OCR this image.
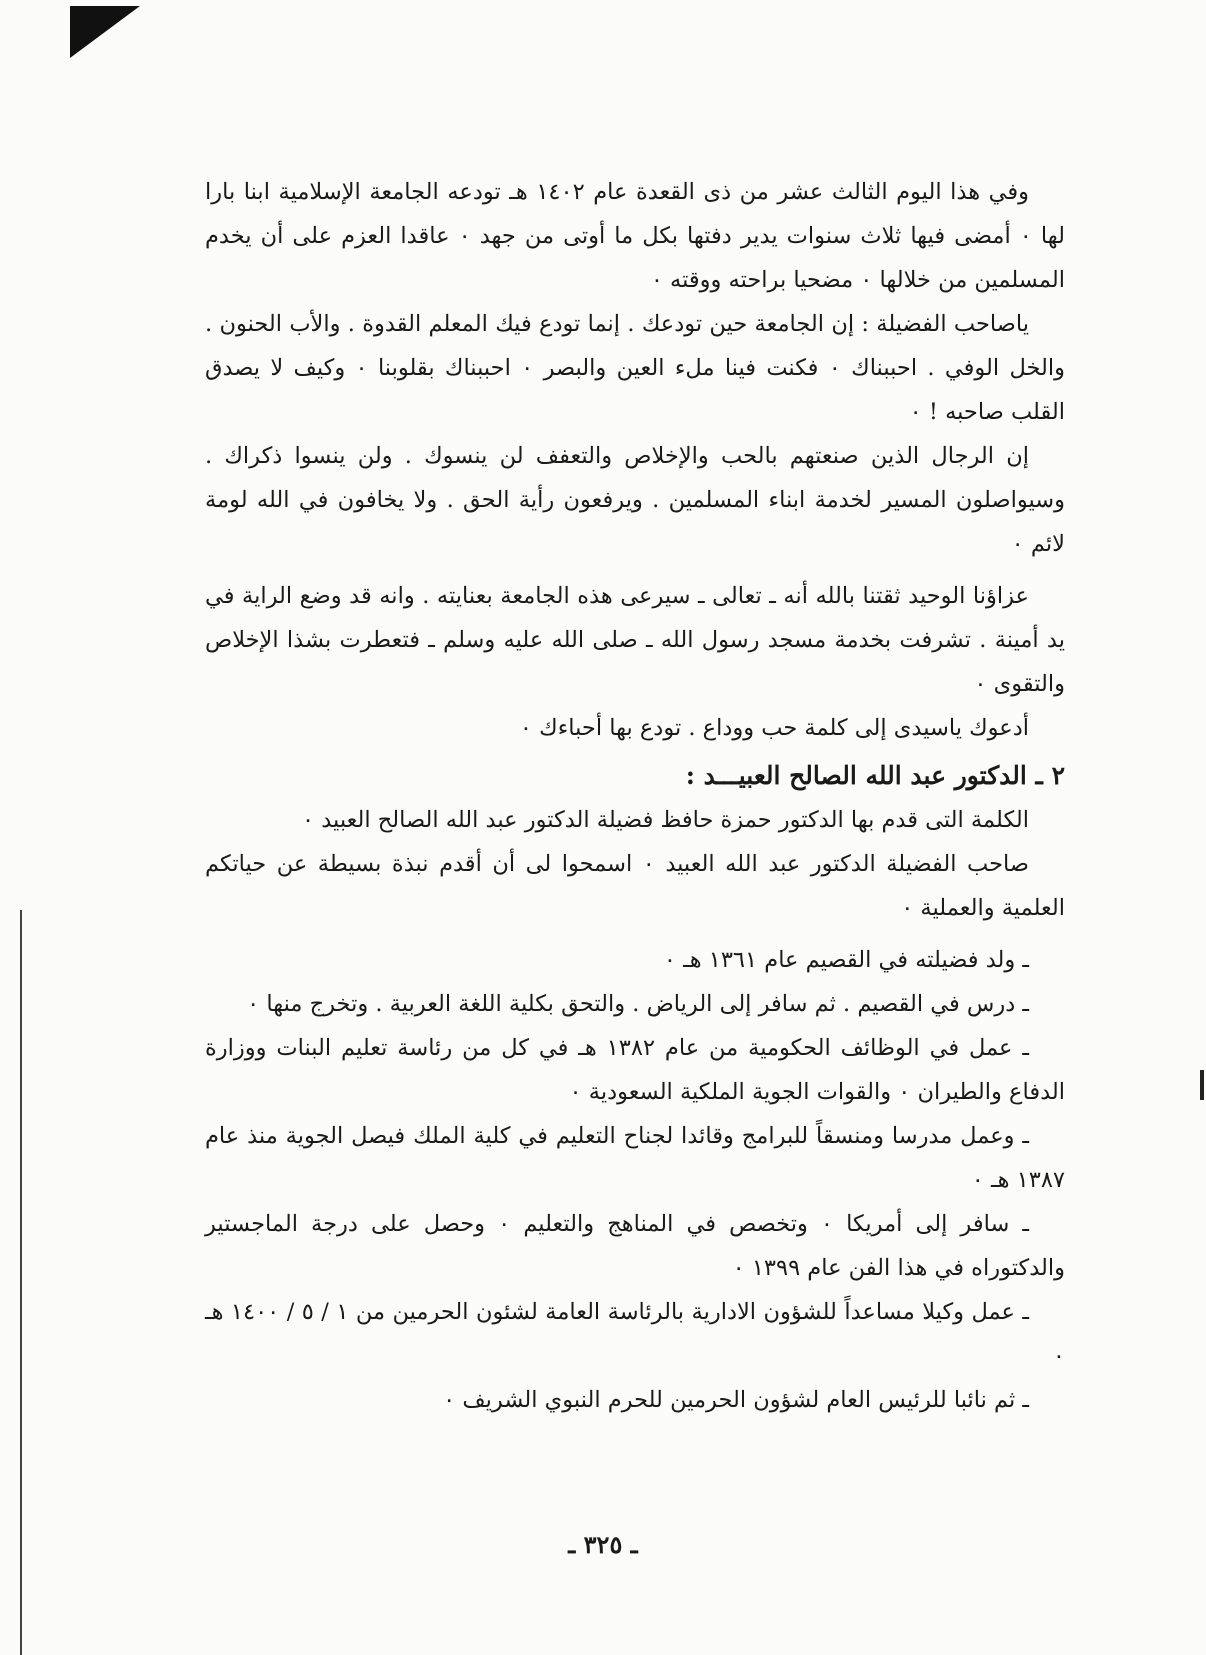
وفي هذا اليوم الثالث عشر من ذى القعدة عام ١٤٠٢ هـ تودعه الجامعة الإسلامية ابنا بارا لها ٠ أمضى فيها ثلاث سنوات يدير دفتها بكل ما أوتى من جهد ٠ عاقدا العزم على أن يخدم المسلمين من خلالها ٠ مضحيا براحته ووقته ٠

ياصاحب الفضيلة : إن الجامعة حين تودعك . إنما تودع فيك المعلم القدوة . والأب الحنون . والخل الوفي . احببناك ٠ فكنت فينا ملء العين والبصر ٠ احببناك بقلوبنا ٠ وكيف لا يصدق القلب صاحبه ! ٠

إن الرجال الذين صنعتهم بالحب والإخلاص والتعفف لن ينسوك . ولن ينسوا ذكراك . وسيواصلون المسير لخدمة ابناء المسلمين . ويرفعون رأية الحق . ولا يخافون في الله لومة لائم ٠

عزاؤنا الوحيد ثقتنا بالله أنه ـ تعالى ـ سيرعى هذه الجامعة بعنايته . وانه قد وضع الراية في يد أمينة . تشرفت بخدمة مسجد رسول الله ـ صلى الله عليه وسلم ـ فتعطرت بشذا الإخلاص والتقوى ٠

أدعوك ياسيدى إلى كلمة حب ووداع . تودع بها أحباءك ٠

٢ ـ الدكتور عبد الله الصالح العبيـــد :

الكلمة التى قدم بها الدكتور حمزة حافظ فضيلة الدكتور عبد الله الصالح العبيد ٠

صاحب الفضيلة الدكتور عبد الله العبيد ٠ اسمحوا لى أن أقدم نبذة بسيطة عن حياتكم العلمية والعملية ٠

ـ ولد فضيلته في القصيم عام ١٣٦١ هـ ٠

ـ درس في القصيم . ثم سافر إلى الرياض . والتحق بكلية اللغة العربية . وتخرج منها ٠

ـ عمل في الوظائف الحكومية من عام ١٣٨٢ هـ في كل من رئاسة تعليم البنات ووزارة الدفاع والطيران ٠ والقوات الجوية الملكية السعودية ٠

ـ وعمل مدرسا ومنسقاً للبرامج وقائدا لجناح التعليم في كلية الملك فيصل الجوية منذ عام ١٣٨٧ هـ ٠

ـ سافر إلى أمريكا ٠ وتخصص في المناهج والتعليم ٠ وحصل على درجة الماجستير والدكتوراه في هذا الفن عام ١٣٩٩ ٠

ـ عمل وكيلا مساعداً للشؤون الادارية بالرئاسة العامة لشئون الحرمين من ١ / ٥ / ١٤٠٠ هـ ٠

ـ ثم نائبا للرئيس العام لشؤون الحرمين للحرم النبوي الشريف ٠

ـ ٣٢٥ ـ
